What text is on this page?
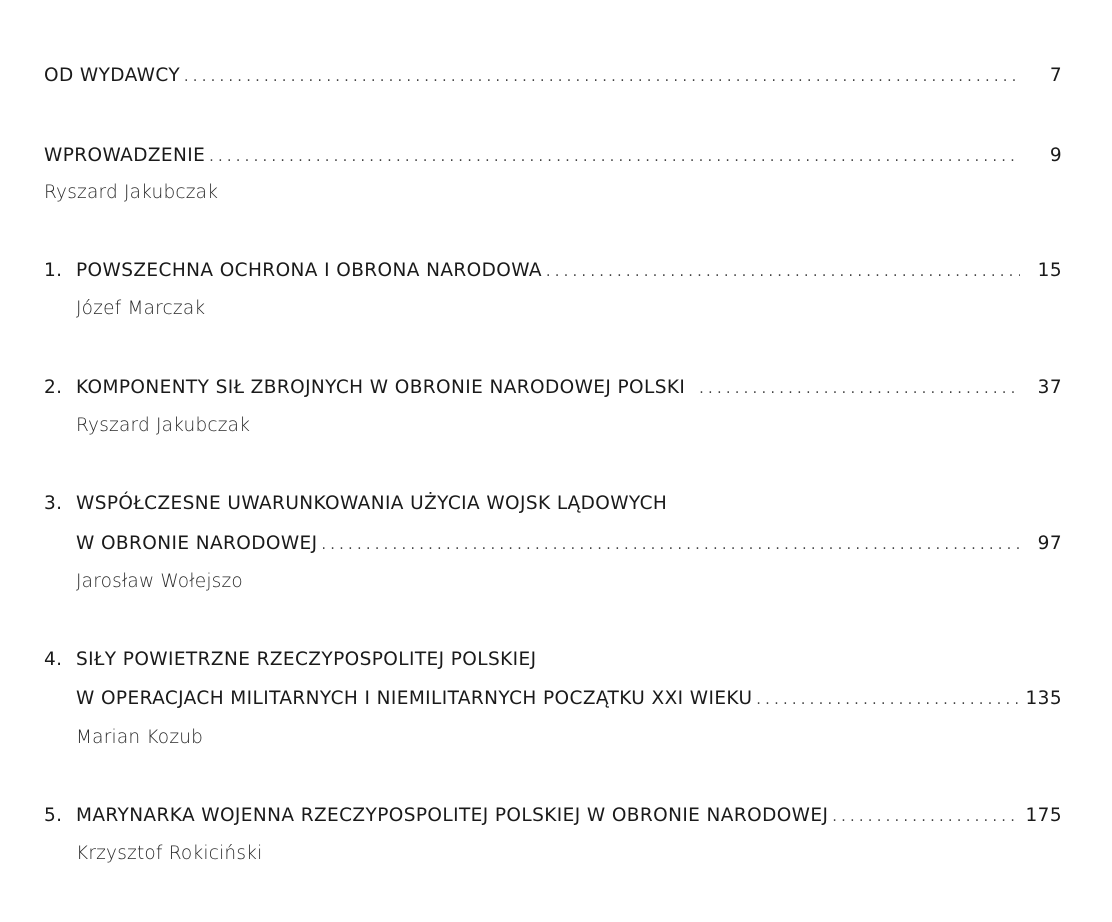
OD WYDAWCY . . .	7
WPROWADZENIE . . .	9
Ryszard Jakubczak
1. POWSZECHNA OCHRONA I OBRONA NARODOWA . . .	15
Józef Marczak
2. KOMPONENTY SIŁ ZBROJNYCH W OBRONIE NARODOWEJ POLSKI . . .	37
Ryszard Jakubczak
3. WSPÓŁCZESNE UWARUNKOWANIA UŻYCIA WOJSK LĄDOWYCH
W OBRONIE NARODOWEJ . . .	97
Jarosław Wołejszo
4. SIŁY POWIETRZNE RZECZYPOSPOLITEJ POLSKIEJ
W OPERACJACH MILITARNYCH I NIEMILITARNYCH POCZĄTKU XXI WIEKU . . .	135
Marian Kozub
5. MARYNARKA WOJENNA RZECZYPOSPOLITEJ POLSKIEJ W OBRONIE NARODOWEJ . . .	175
Krzysztof Rokiciński
